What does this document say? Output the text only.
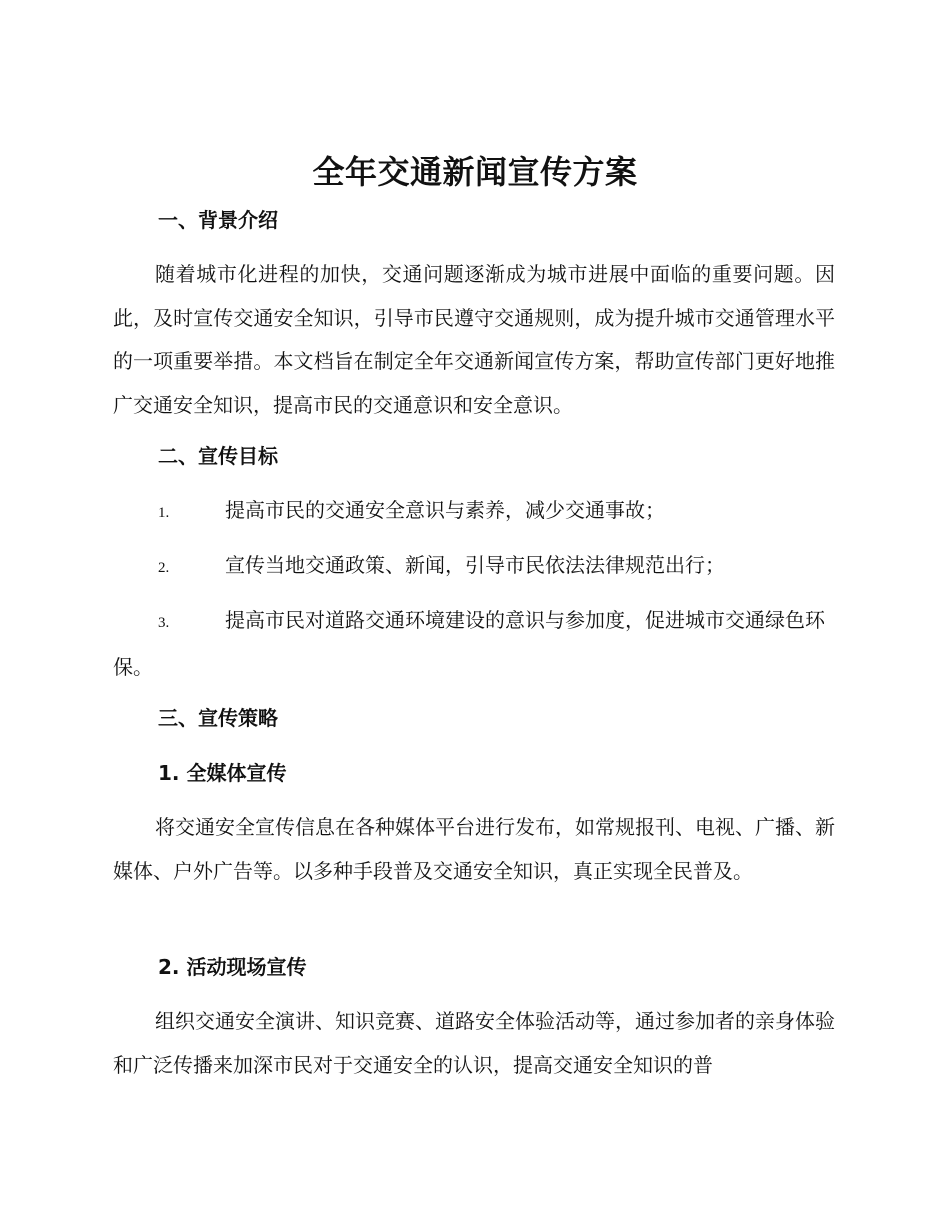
全年交通新闻宣传方案
一、背景介绍

随着城市化进程的加快，交通问题逐渐成为城市进展中面临的重要问题。因此，及时宣传交通安全知识，引导市民遵守交通规则，成为提升城市交通管理水平的一项重要举措。本文档旨在制定全年交通新闻宣传方案，帮助宣传部门更好地推广交通安全知识，提高市民的交通意识和安全意识。

二、宣传目标

1.	提高市民的交通安全意识与素养，减少交通事故；

2.	宣传当地交通政策、新闻，引导市民依法法律规范出行；

3.	提高市民对道路交通环境建设的意识与参加度，促进城市交通绿色环保。

三、宣传策略
1. 全媒体宣传

将交通安全宣传信息在各种媒体平台进行发布，如常规报刊、电视、广播、新媒体、户外广告等。以多种手段普及交通安全知识，真正实现全民普及。

2. 活动现场宣传

组织交通安全演讲、知识竞赛、道路安全体验活动等，通过参加者的亲身体验和广泛传播来加深市民对于交通安全的认识，提高交通安全知识的普
